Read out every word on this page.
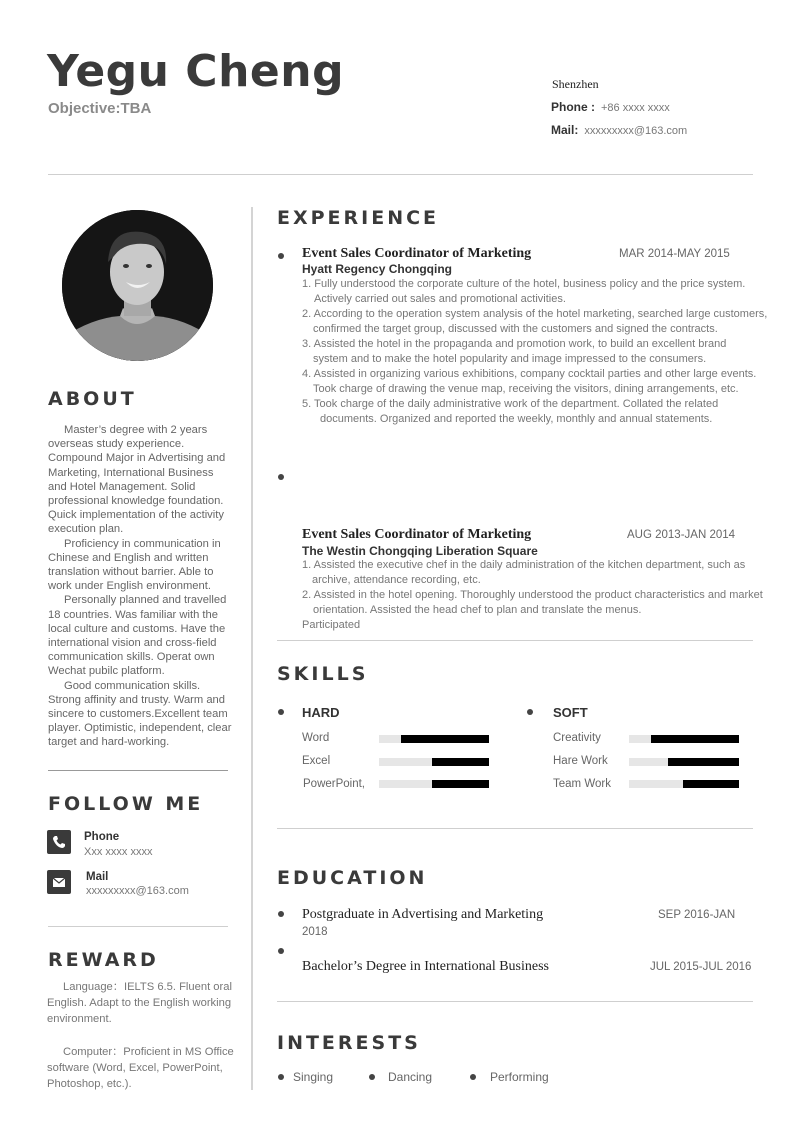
Yegu Cheng
Objective:TBA
Shenzhen
Phone : +86 xxxx xxxx
Mail: xxxxxxxxx@163.com
ABOUT

Master’s degree with 2 years overseas study experience. Compound Major in Advertising and Marketing, International Business and Hotel Management. Solid professional knowledge foundation. Quick implementation of the activity execution plan.

Proficiency in communication in Chinese and English and written translation without barrier. Able to work under English environment.

Personally planned and travelled 18 countries. Was familiar with the local culture and customs. Have the international vision and cross-field communication skills. Operat own Wechat pubilc platform.

Good communication skills. Strong affinity and trusty. Warm and sincere to customers.Excellent team player. Optimistic, independent, clear target and hard-working.

FOLLOW ME
Phone
Xxx xxxx xxxx
Mail
xxxxxxxxx@163.com
REWARD

Language：IELTS 6.5. Fluent oral English. Adapt to the English working environment.

Computer：Proficient in MS Office software (Word, Excel, PowerPoint, Photoshop, etc.).

EXPERIENCE
Event Sales Coordinator of Marketing	MAR 2014-MAY 2015
Hyatt Regency Chongqing

1. Fully understood the corporate culture of the hotel, business policy and the price system.

Actively carried out sales and promotional activities.

2. According to the operation system analysis of the hotel marketing, searched large customers, confirmed the target group, discussed with the customers and signed the contracts.

3. Assisted the hotel in the propaganda and promotion work, to build an excellent brand

system and to make the hotel popularity and image impressed to the consumers.

4. Assisted in organizing various exhibitions, company cocktail parties and other large events.

Took charge of drawing the venue map, receiving the visitors, dining arrangements, etc.

5. Took charge of the daily administrative work of the department. Collated the related documents. Organized and reported the weekly, monthly and annual statements.

Event Sales Coordinator of Marketing	AUG 2013-JAN 2014
The Westin Chongqing Liberation Square

1. Assisted the executive chef in the daily administration of the kitchen department, such as

archive, attendance recording, etc.

2. Assisted in the hotel opening. Thoroughly understood the product characteristics and market orientation. Assisted the head chef to plan and translate the menus.

Participated

SKILLS
HARD	SOFT
Word
Excel
PowerPoint,
Creativity
Hare Work
Team Work
EDUCATION
Postgraduate in Advertising and Marketing	SEP 2016-JAN
2018
Bachelor’s Degree in International Business	JUL 2015-JUL 2016
INTERESTS
Singing	Dancing	Performing
